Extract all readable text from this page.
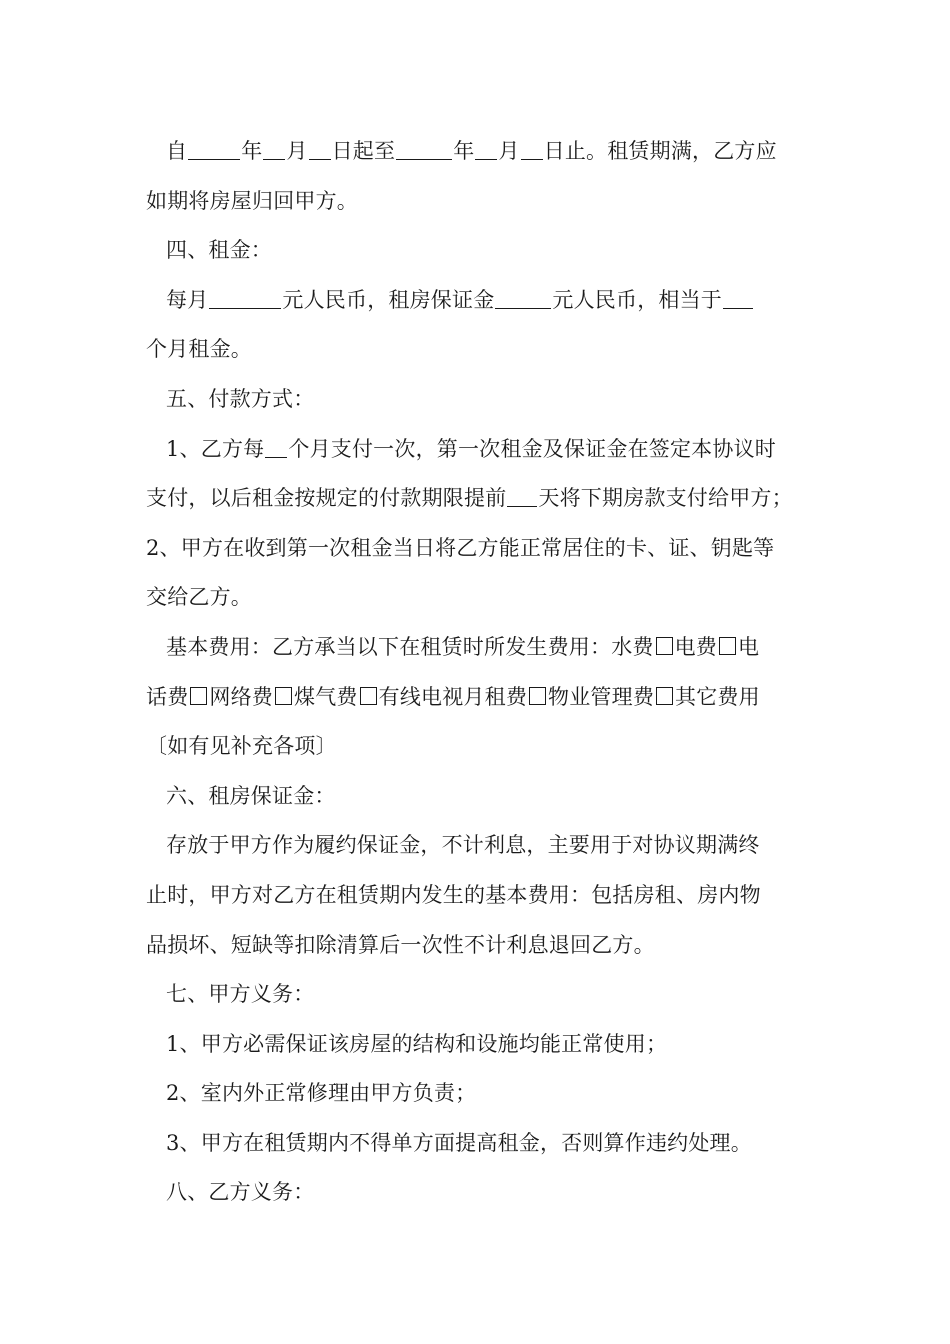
自	年 月 日起至	年 月 日止。租赁期满，乙方应
如期将房屋归回甲方。
四、租金：
每月	元人民币，租房保证金	元人民币，相当于
个月租金。
五、付款方式：
1、乙方每 个月支付一次，第一次租金及保证金在签定本协议时
支付，以后租金按规定的付款期限提前 天将下期房款支付给甲方；
2、甲方在收到第一次租金当日将乙方能正常居住的卡、证、钥匙等
交给乙方。
基本费用：乙方承当以下在租赁时所发生费用：水费 电费 电
话费 网络费 煤气费 有线电视月租费 物业管理费 其它费用
〔如有见补充各项〕
六、租房保证金：
存放于甲方作为履约保证金，不计利息，主要用于对协议期满终
止时，甲方对乙方在租赁期内发生的基本费用：包括房租、房内物
品损坏、短缺等扣除清算后一次性不计利息退回乙方。
七、甲方义务：
1、甲方必需保证该房屋的结构和设施均能正常使用；
2、室内外正常修理由甲方负责；
3、甲方在租赁期内不得单方面提高租金，否则算作违约处理。
八、乙方义务：
